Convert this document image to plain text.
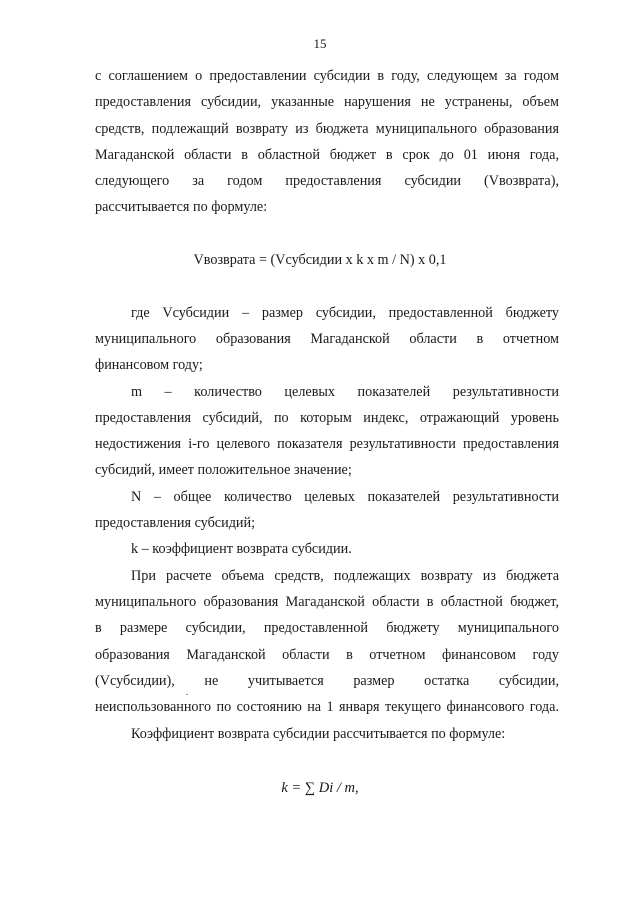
15
с соглашением о предоставлении субсидии в году, следующем за годом
предоставления субсидии, указанные нарушения не устранены, объем
средств, подлежащий возврату из бюджета муниципального образования
Магаданской области в областной бюджет в срок до 01 июня года,
следующего за годом предоставления субсидии (Vвозврата),
рассчитывается по формуле:
Vвозврата = (Vсубсидии x k x m / N) x 0,1
где Vсубсидии – размер субсидии, предоставленной бюджету
муниципального образования Магаданской области в отчетном
финансовом году;
m – количество целевых показателей результативности
предоставления субсидий, по которым индекс, отражающий уровень
недостижения i-го целевого показателя результативности предоставления
субсидий, имеет положительное значение;
N – общее количество целевых показателей результативности
предоставления субсидий;
k – коэффициент возврата субсидии.
При расчете объема средств, подлежащих возврату из бюджета
муниципального образования Магаданской области в областной бюджет,
в размере субсидии, предоставленной бюджету муниципального
образования Магаданской области в отчетном финансовом году
(Vсубсидии), не учитывается размер остатка субсидии,
неиспользованного по состоянию на 1 января текущего финансового года.
Коэффициент возврата субсидии рассчитывается по формуле:
k = ∑ Di / m,
